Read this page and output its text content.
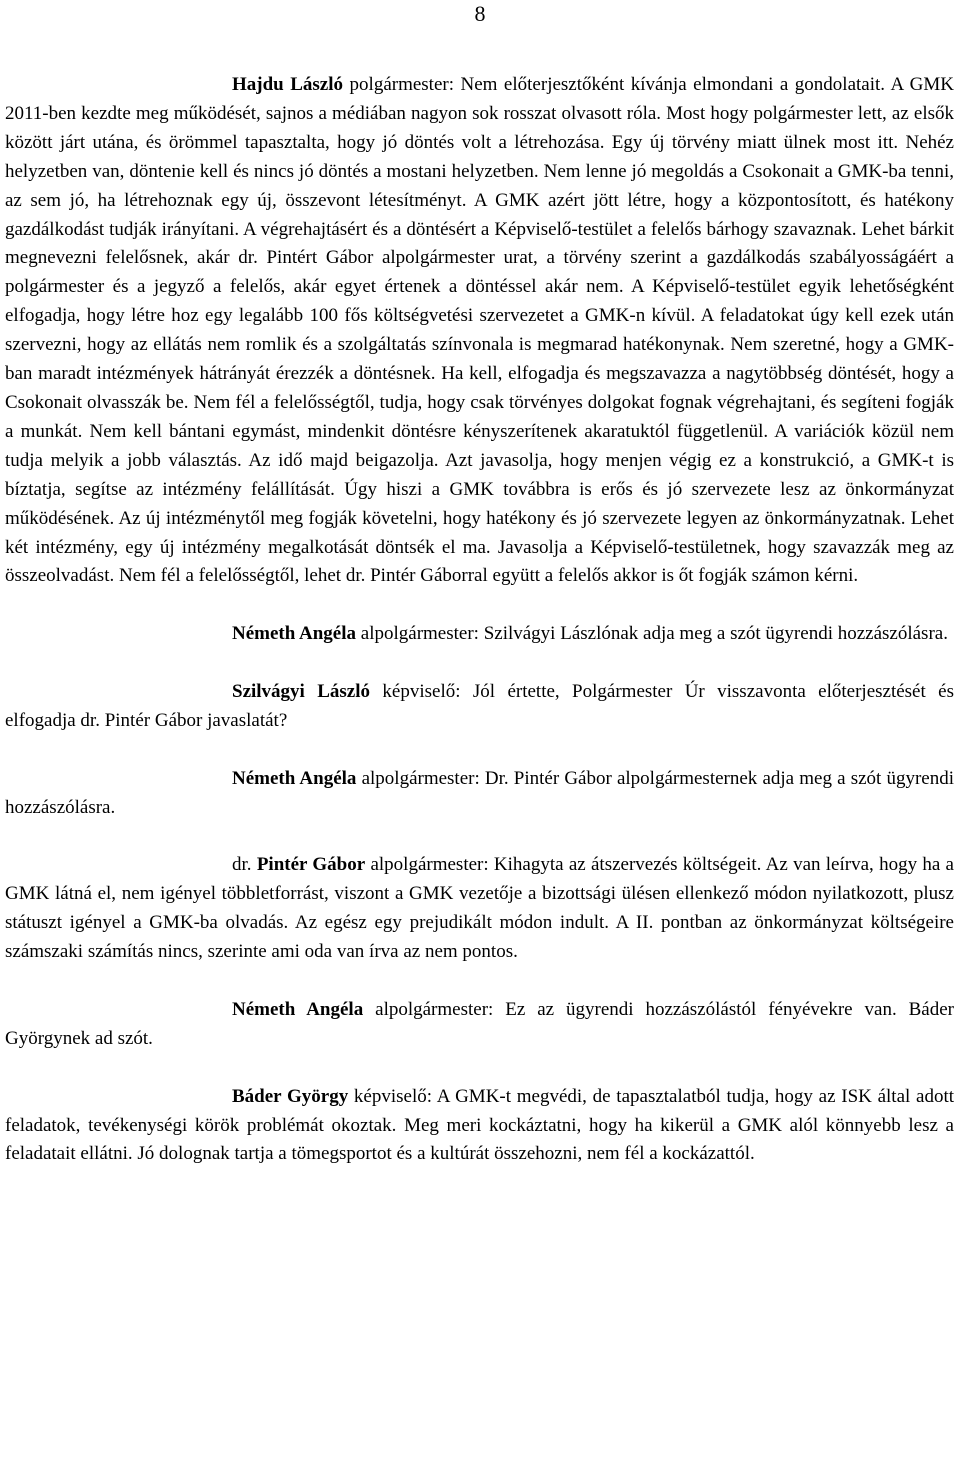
8

Hajdu László polgármester: Nem előterjesztőként kívánja elmondani a gondolatait. A GMK 2011-ben kezdte meg működését, sajnos a médiában nagyon sok rosszat olvasott róla. Most hogy polgármester lett, az elsők között járt utána, és örömmel tapasztalta, hogy jó döntés volt a létrehozása. Egy új törvény miatt ülnek most itt. Nehéz helyzetben van, döntenie kell és nincs jó döntés a mostani helyzetben. Nem lenne jó megoldás a Csokonait a GMK-ba tenni, az sem jó, ha létrehoznak egy új, összevont létesítményt. A GMK azért jött létre, hogy a központosított, és hatékony gazdálkodást tudják irányítani. A végrehajtásért és a döntésért a Képviselő-testület a felelős bárhogy szavaznak. Lehet bárkit megnevezni felelősnek, akár dr. Pintért Gábor alpolgármester urat, a törvény szerint a gazdálkodás szabályosságáért a polgármester és a jegyző a felelős, akár egyet értenek a döntéssel akár nem. A Képviselő-testület egyik lehetőségként elfogadja, hogy létre hoz egy legalább 100 fős költségvetési szervezetet a GMK-n kívül. A feladatokat úgy kell ezek után szervezni, hogy az ellátás nem romlik és a szolgáltatás színvonala is megmarad hatékonynak. Nem szeretné, hogy a GMK-ban maradt intézmények hátrányát érezzék a döntésnek. Ha kell, elfogadja és megszavazza a nagytöbbség döntését, hogy a Csokonait olvasszák be. Nem fél a felelősségtől, tudja, hogy csak törvényes dolgokat fognak végrehajtani, és segíteni fogják a munkát. Nem kell bántani egymást, mindenkit döntésre kényszerítenek akaratuktól függetlenül. A variációk közül nem tudja melyik a jobb választás. Az idő majd beigazolja. Azt javasolja, hogy menjen végig ez a konstrukció, a GMK-t is bíztatja, segítse az intézmény felállítását. Úgy hiszi a GMK továbbra is erős és jó szervezete lesz az önkormányzat működésének. Az új intézménytől meg fogják követelni, hogy hatékony és jó szervezete legyen az önkormányzatnak. Lehet két intézmény, egy új intézmény megalkotását döntsék el ma. Javasolja a Képviselő-testületnek, hogy szavazzák meg az összeolvadást. Nem fél a felelősségtől, lehet dr. Pintér Gáborral együtt a felelős akkor is őt fogják számon kérni.

Németh Angéla alpolgármester: Szilvágyi Lászlónak adja meg a szót ügyrendi hozzászólásra.

Szilvágyi László képviselő: Jól értette, Polgármester Úr visszavonta előterjesztését és elfogadja dr. Pintér Gábor javaslatát?

Németh Angéla alpolgármester: Dr. Pintér Gábor alpolgármesternek adja meg a szót ügyrendi hozzászólásra.

dr. Pintér Gábor alpolgármester: Kihagyta az átszervezés költségeit. Az van leírva, hogy ha a GMK látná el, nem igényel többletforrást, viszont a GMK vezetője a bizottsági ülésen ellenkező módon nyilatkozott, plusz státuszt igényel a GMK-ba olvadás. Az egész egy prejudikált módon indult. A II. pontban az önkormányzat költségeire számszaki számítás nincs, szerinte ami oda van írva az nem pontos.

Németh Angéla alpolgármester: Ez az ügyrendi hozzászólástól fényévekre van. Báder Györgynek ad szót.

Báder György képviselő: A GMK-t megvédi, de tapasztalatból tudja, hogy az ISK által adott feladatok, tevékenységi körök problémát okoztak. Meg meri kockáztatni, hogy ha kikerül a GMK alól könnyebb lesz a feladatait ellátni. Jó dolognak tartja a tömegsportot és a kultúrát összehozni, nem fél a kockázattól.
